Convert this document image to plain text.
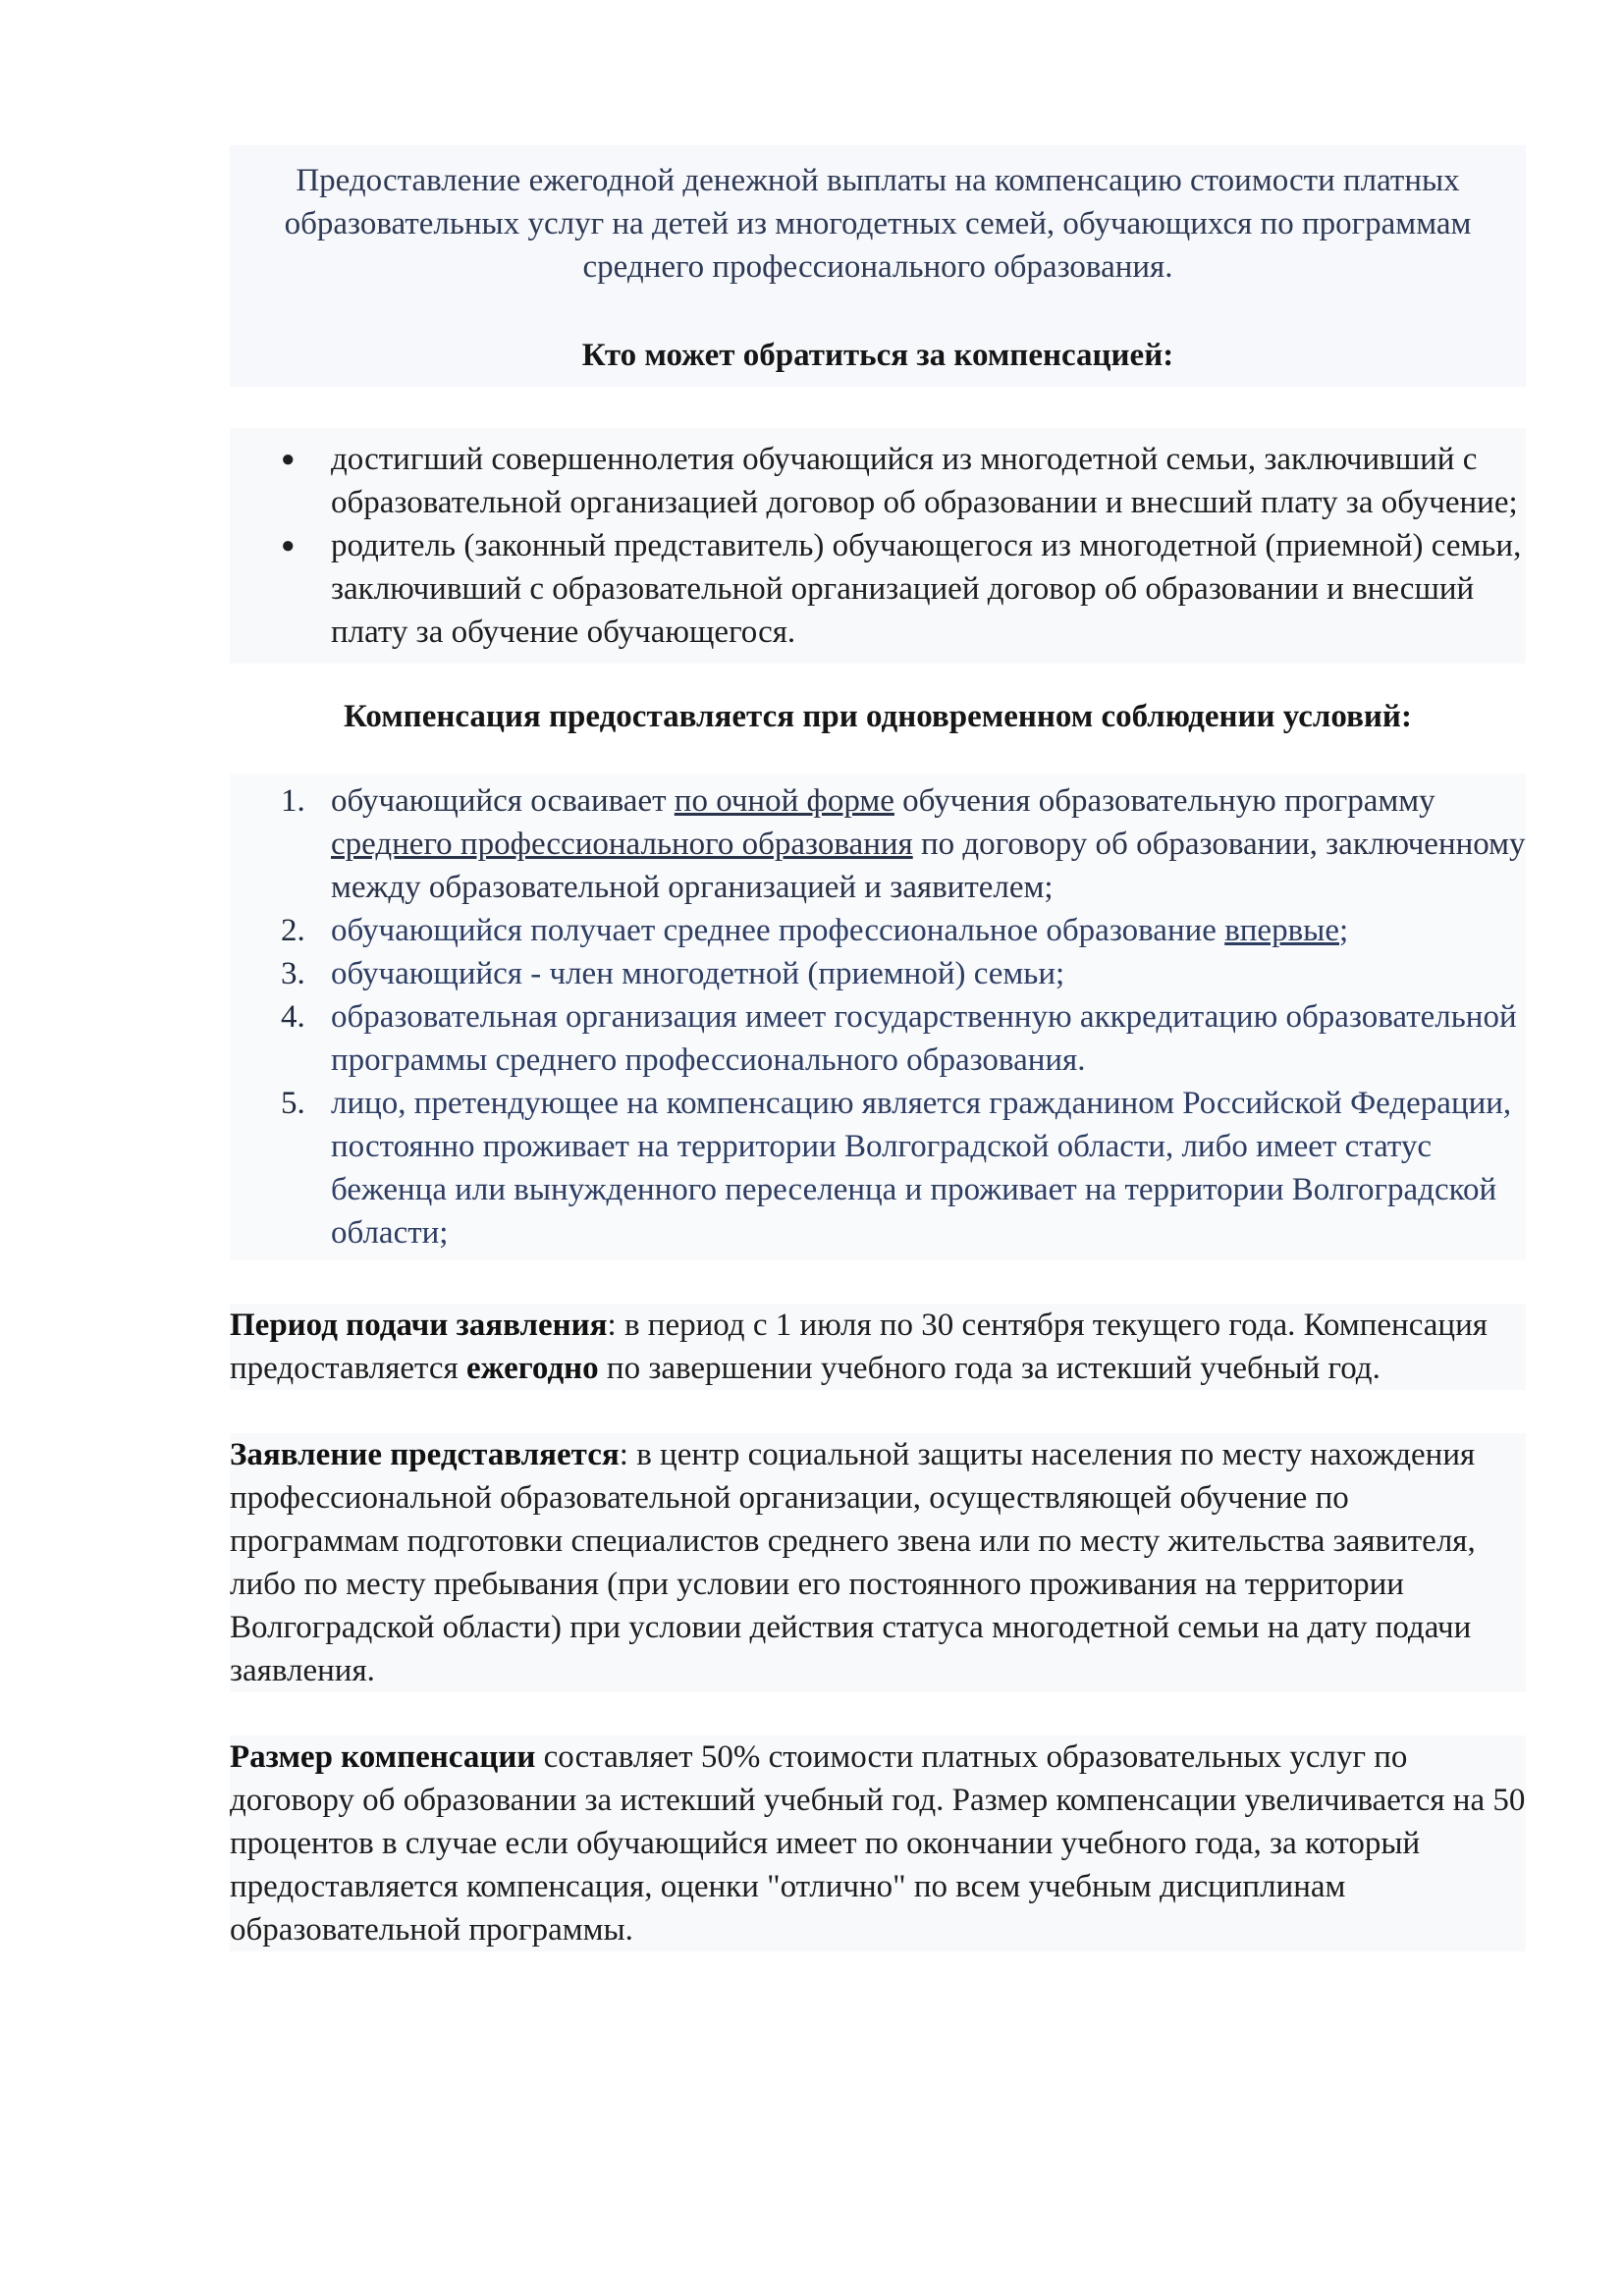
Предоставление ежегодной денежной выплаты на компенсацию стоимости платных образовательных услуг на детей из многодетных семей, обучающихся по программам среднего профессионального образования.

Кто может обратиться за компенсацией:

● достигший совершеннолетия обучающийся из многодетной семьи, заключивший с образовательной организацией договор об образовании и внесший плату за обучение;
● родитель (законный представитель) обучающегося из многодетной (приемной) семьи, заключивший с образовательной организацией договор об образовании и внесший плату за обучение обучающегося.

Компенсация предоставляется при одновременном соблюдении условий:

1. обучающийся осваивает по очной форме обучения образовательную программу среднего профессионального образования по договору об образовании, заключенному между образовательной организацией и заявителем;
2. обучающийся получает среднее профессиональное образование впервые;
3. обучающийся - член многодетной (приемной) семьи;
4. образовательная организация имеет государственную аккредитацию образовательной программы среднего профессионального образования.
5. лицо, претендующее на компенсацию является гражданином Российской Федерации, постоянно проживает на территории Волгоградской области, либо имеет статус беженца или вынужденного переселенца и проживает на территории Волгоградской области;

Период подачи заявления: в период с 1 июля по 30 сентября текущего года. Компенсация предоставляется ежегодно по завершении учебного года за истекший учебный год.

Заявление представляется: в центр социальной защиты населения по месту нахождения профессиональной образовательной организации, осуществляющей обучение по программам подготовки специалистов среднего звена или по месту жительства заявителя, либо по месту пребывания (при условии его постоянного проживания на территории Волгоградской области) при условии действия статуса многодетной семьи на дату подачи заявления.

Размер компенсации составляет 50% стоимости платных образовательных услуг по договору об образовании за истекший учебный год. Размер компенсации увеличивается на 50 процентов в случае если обучающийся имеет по окончании учебного года, за который предоставляется компенсация, оценки "отлично" по всем учебным дисциплинам образовательной программы.
